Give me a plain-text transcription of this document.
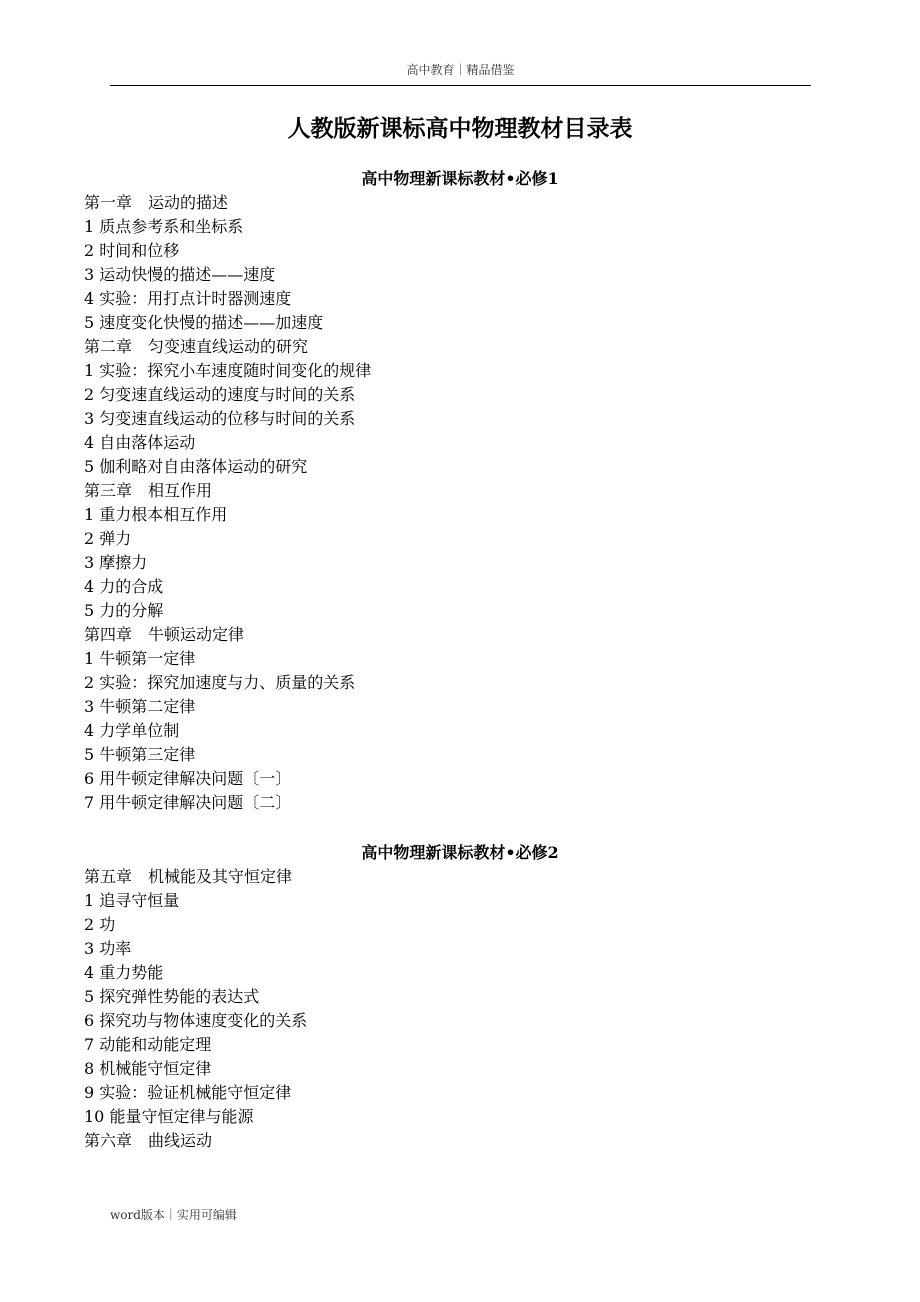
高中教育｜精品借鉴
人教版新课标高中物理教材目录表
高中物理新课标教材•必修1
第一章　运动的描述
1 质点参考系和坐标系
2 时间和位移
3 运动快慢的描述——速度
4 实验：用打点计时器测速度
5 速度变化快慢的描述——加速度
第二章　匀变速直线运动的研究
1 实验：探究小车速度随时间变化的规律
2 匀变速直线运动的速度与时间的关系
3 匀变速直线运动的位移与时间的关系
4 自由落体运动
5 伽利略对自由落体运动的研究
第三章　相互作用
1 重力根本相互作用
2 弹力
3 摩擦力
4 力的合成
5 力的分解
第四章　牛顿运动定律
1 牛顿第一定律
2 实验：探究加速度与力、质量的关系
3 牛顿第二定律
4 力学单位制
5 牛顿第三定律
6 用牛顿定律解决问题〔一〕
7 用牛顿定律解决问题〔二〕
高中物理新课标教材•必修2
第五章　机械能及其守恒定律
1 追寻守恒量
2 功
3 功率
4 重力势能
5 探究弹性势能的表达式
6 探究功与物体速度变化的关系
7 动能和动能定理
8 机械能守恒定律
9 实验：验证机械能守恒定律
10 能量守恒定律与能源
第六章　曲线运动
word版本｜实用可编辑
